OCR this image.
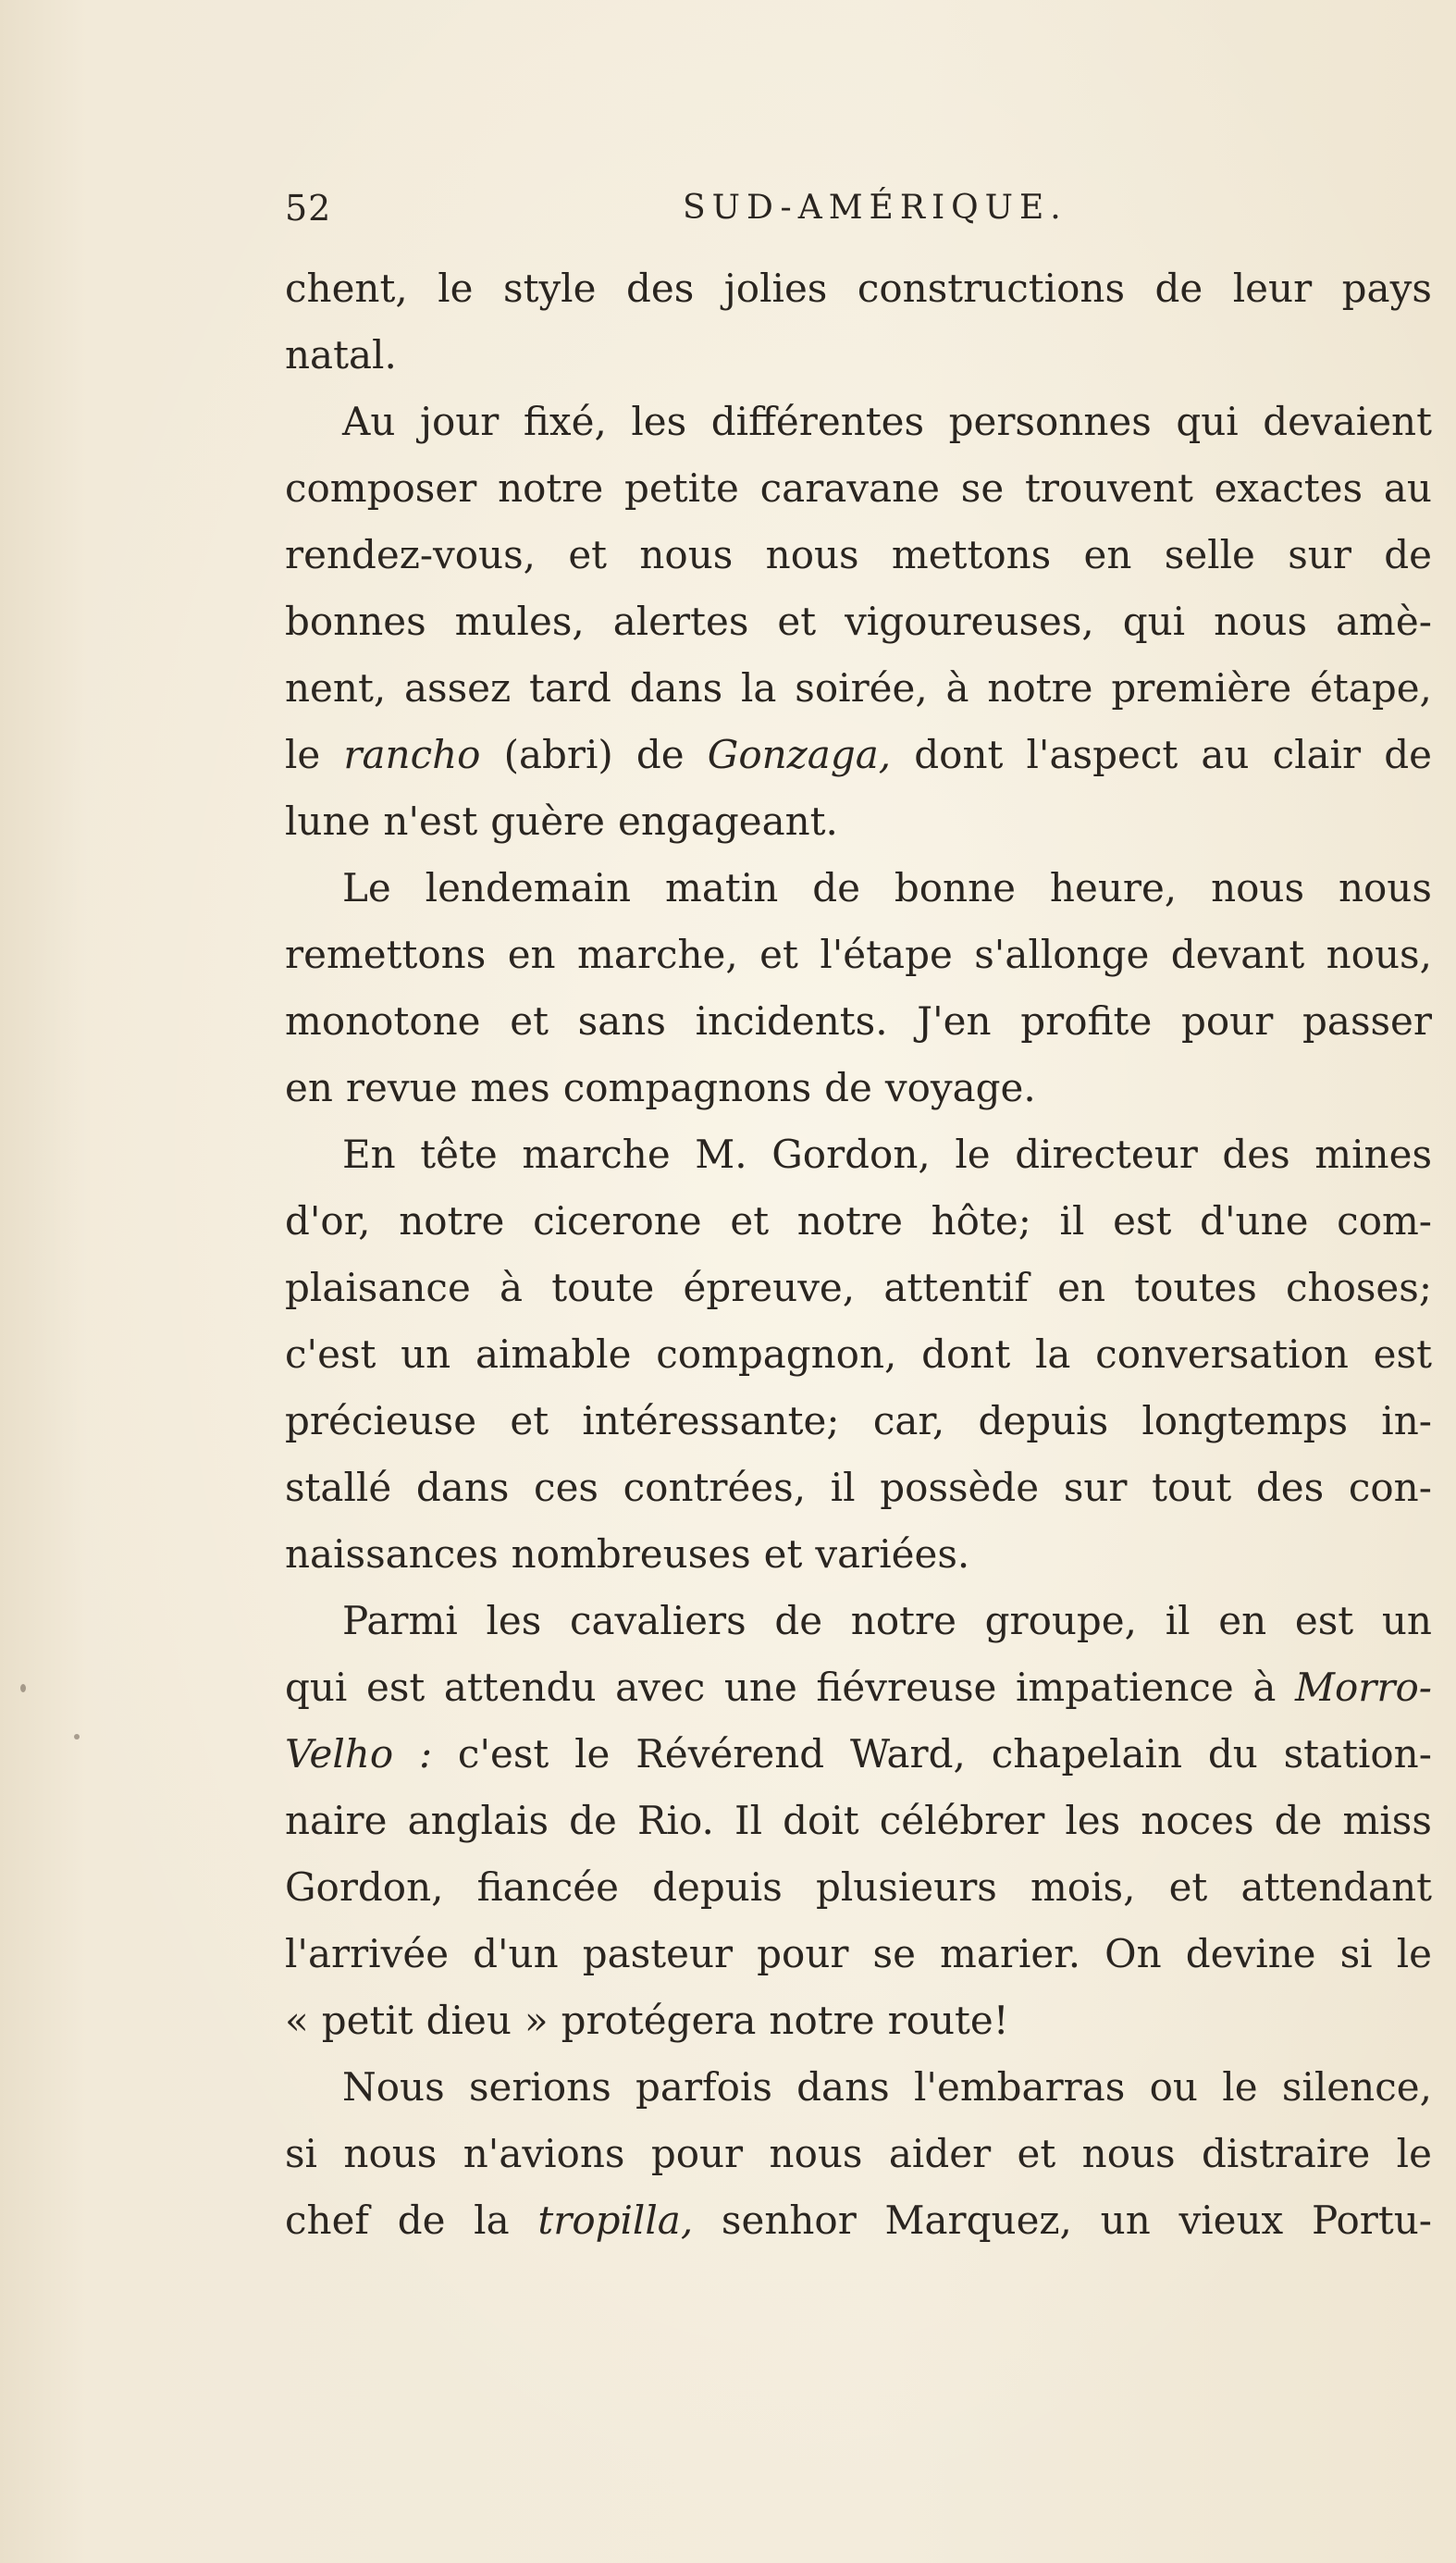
52	SUD-AMÉRIQUE.
chent, le style des jolies constructions de leur pays
natal.
Au jour fixé, les différentes personnes qui devaient
composer notre petite caravane se trouvent exactes au
rendez-vous, et nous nous mettons en selle sur de
bonnes mules, alertes et vigoureuses, qui nous amè-
nent, assez tard dans la soirée, à notre première étape,
le rancho (abri) de Gonzaga, dont l'aspect au clair de
lune n'est guère engageant.
Le lendemain matin de bonne heure, nous nous
remettons en marche, et l'étape s'allonge devant nous,
monotone et sans incidents. J'en profite pour passer
en revue mes compagnons de voyage.
En tête marche M. Gordon, le directeur des mines
d'or, notre cicerone et notre hôte; il est d'une com-
plaisance à toute épreuve, attentif en toutes choses;
c'est un aimable compagnon, dont la conversation est
précieuse et intéressante; car, depuis longtemps in-
stallé dans ces contrées, il possède sur tout des con-
naissances nombreuses et variées.
Parmi les cavaliers de notre groupe, il en est un
qui est attendu avec une fiévreuse impatience à Morro-
Velho : c'est le Révérend Ward, chapelain du station-
naire anglais de Rio. Il doit célébrer les noces de miss
Gordon, fiancée depuis plusieurs mois, et attendant
l'arrivée d'un pasteur pour se marier. On devine si le
« petit dieu » protégera notre route!
Nous serions parfois dans l'embarras ou le silence,
si nous n'avions pour nous aider et nous distraire le
chef de la tropilla, senhor Marquez, un vieux Portu-
